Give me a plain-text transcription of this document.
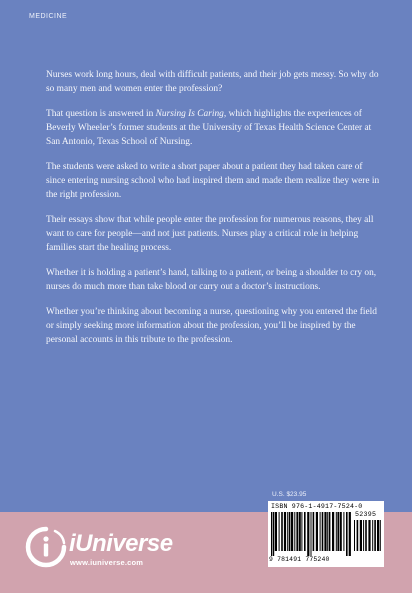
MEDICINE

Nurses work long hours, deal with difficult patients, and their job gets messy. So why do so many men and women enter the profession?

That question is answered in Nursing Is Caring, which highlights the experiences of Beverly Wheeler’s former students at the University of Texas Health Science Center at San Antonio, Texas School of Nursing.

The students were asked to write a short paper about a patient they had taken care of since entering nursing school who had inspired them and made them realize they were in the right profession.

Their essays show that while people enter the profession for numerous reasons, they all want to care for people—and not just patients. Nurses play a critical role in helping families start the healing process.

Whether it is holding a patient’s hand, talking to a patient, or being a shoulder to cry on, nurses do much more than take blood or carry out a doctor’s instructions.

Whether you’re thinking about becoming a nurse, questioning why you entered the field or simply seeking more information about the profession, you’ll be inspired by the personal accounts in this tribute to the profession.

U.S. $23.95
ISBN 976-1-4917-7524-0
52395
9 781491 775240
iUniverse
www.iuniverse.com
